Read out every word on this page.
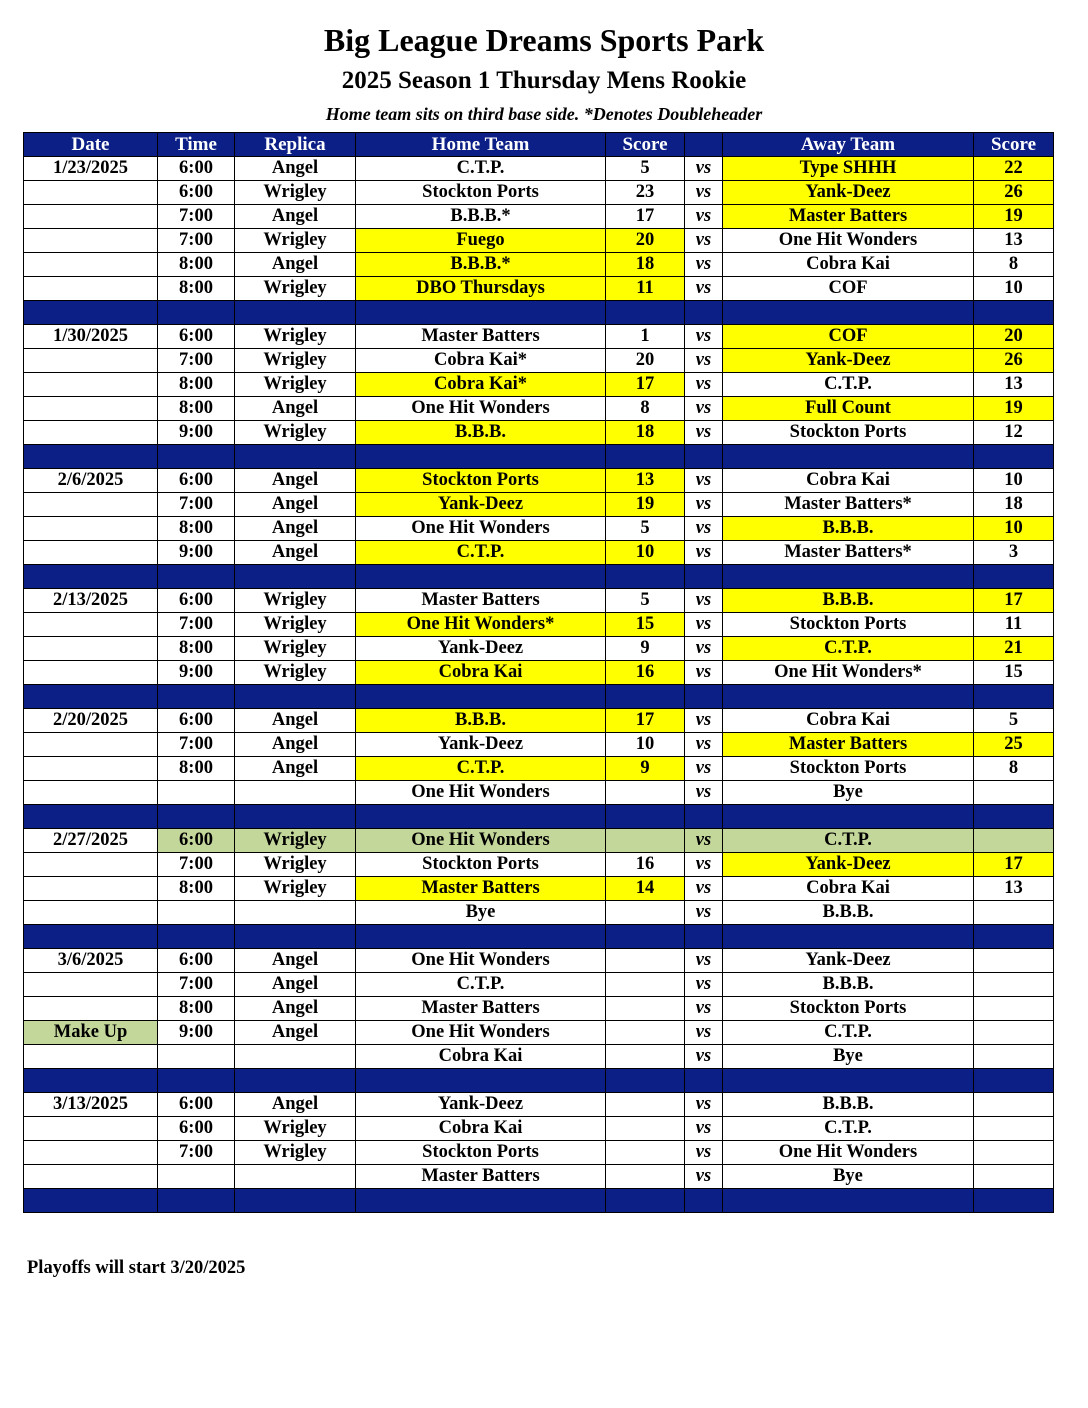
Big League Dreams Sports Park
2025 Season 1 Thursday Mens Rookie
Home team sits on third base side. *Denotes Doubleheader
Date	Time	Replica	Home Team	Score		Away Team	Score
1/23/2025	6:00	Angel	C.T.P.	5	vs	Type SHHH	22
	6:00	Wrigley	Stockton Ports	23	vs	Yank-Deez	26
	7:00	Angel	B.B.B.*	17	vs	Master Batters	19
	7:00	Wrigley	Fuego	20	vs	One Hit Wonders	13
	8:00	Angel	B.B.B.*	18	vs	Cobra Kai	8
	8:00	Wrigley	DBO Thursdays	11	vs	COF	10

1/30/2025	6:00	Wrigley	Master Batters	1	vs	COF	20
	7:00	Wrigley	Cobra Kai*	20	vs	Yank-Deez	26
	8:00	Wrigley	Cobra Kai*	17	vs	C.T.P.	13
	8:00	Angel	One Hit Wonders	8	vs	Full Count	19
	9:00	Wrigley	B.B.B.	18	vs	Stockton Ports	12

2/6/2025	6:00	Angel	Stockton Ports	13	vs	Cobra Kai	10
	7:00	Angel	Yank-Deez	19	vs	Master Batters*	18
	8:00	Angel	One Hit Wonders	5	vs	B.B.B.	10
	9:00	Angel	C.T.P.	10	vs	Master Batters*	3

2/13/2025	6:00	Wrigley	Master Batters	5	vs	B.B.B.	17
	7:00	Wrigley	One Hit Wonders*	15	vs	Stockton Ports	11
	8:00	Wrigley	Yank-Deez	9	vs	C.T.P.	21
	9:00	Wrigley	Cobra Kai	16	vs	One Hit Wonders*	15

2/20/2025	6:00	Angel	B.B.B.	17	vs	Cobra Kai	5
	7:00	Angel	Yank-Deez	10	vs	Master Batters	25
	8:00	Angel	C.T.P.	9	vs	Stockton Ports	8
			One Hit Wonders		vs	Bye	

2/27/2025	6:00	Wrigley	One Hit Wonders		vs	C.T.P.	
	7:00	Wrigley	Stockton Ports	16	vs	Yank-Deez	17
	8:00	Wrigley	Master Batters	14	vs	Cobra Kai	13
			Bye		vs	B.B.B.	

3/6/2025	6:00	Angel	One Hit Wonders		vs	Yank-Deez	
	7:00	Angel	C.T.P.		vs	B.B.B.	
	8:00	Angel	Master Batters		vs	Stockton Ports	
Make Up	9:00	Angel	One Hit Wonders		vs	C.T.P.	
			Cobra Kai		vs	Bye	

3/13/2025	6:00	Angel	Yank-Deez		vs	B.B.B.	
	6:00	Wrigley	Cobra Kai		vs	C.T.P.	
	7:00	Wrigley	Stockton Ports		vs	One Hit Wonders	
			Master Batters		vs	Bye	

Playoffs will start 3/20/2025
